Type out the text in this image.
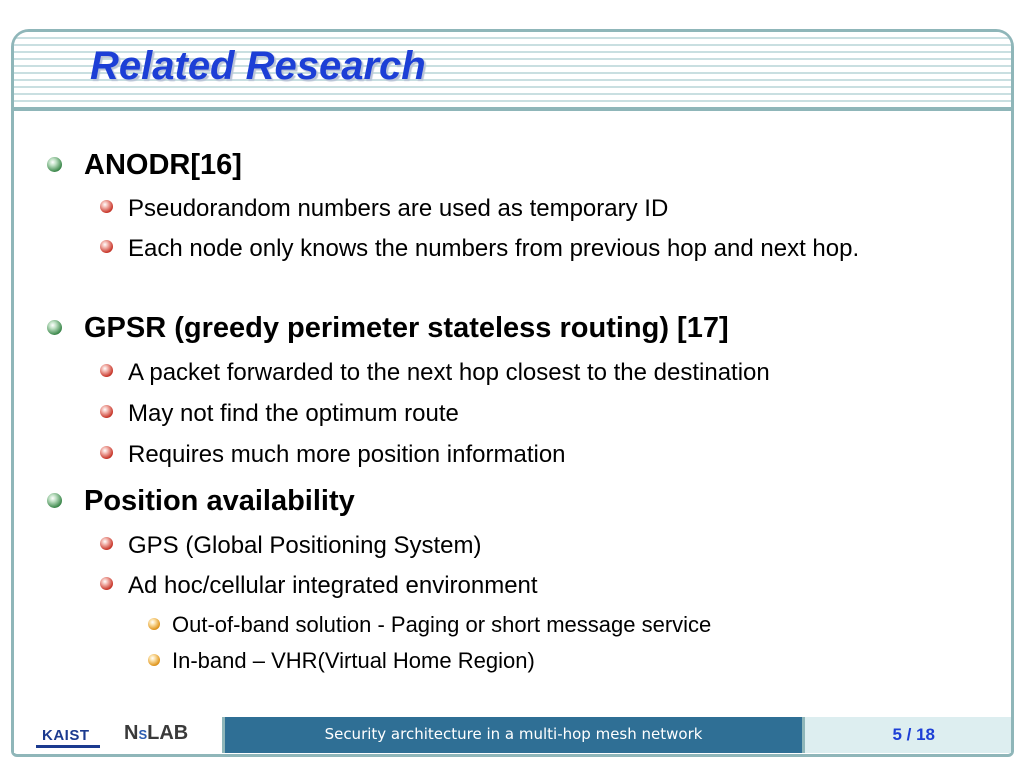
Related Research
ANODR[16]
Pseudorandom numbers are used as temporary ID
Each node only knows the numbers from previous hop and next hop.
GPSR (greedy perimeter stateless routing) [17]
A packet forwarded to the next hop closest to the destination
May not find the optimum route
Requires much more position information
Position availability
GPS (Global Positioning System)
Ad hoc/cellular integrated environment
Out-of-band solution - Paging or short message service
In-band – VHR(Virtual Home Region)
KAIST NSLAB	Security architecture in a multi-hop mesh network	5 / 18
